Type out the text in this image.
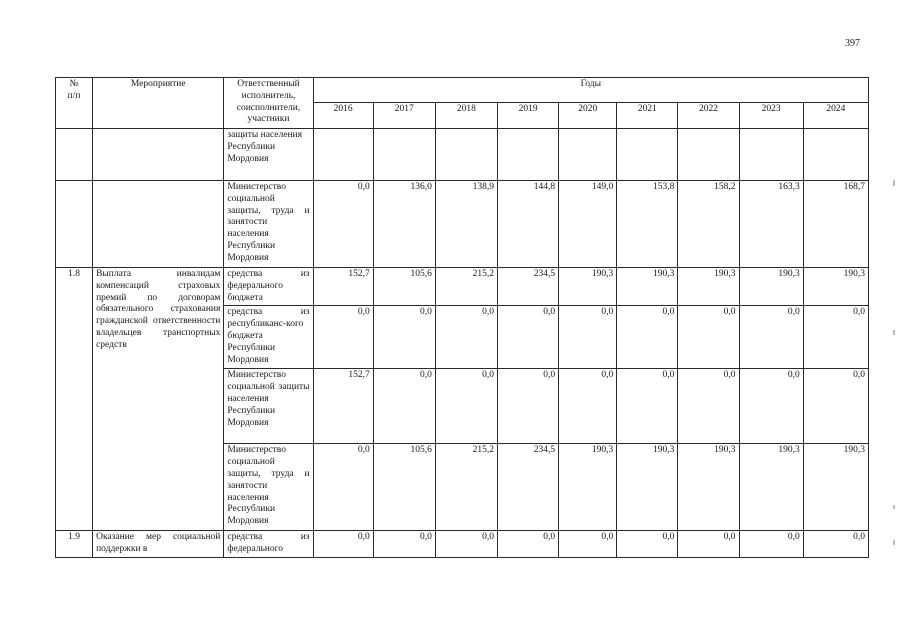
397
№
п/п	Мероприятие	Ответственный исполнитель, соисполнители, участники	Годы								
			2016	2017	2018	2019	2020	2021	2022	2023	2024
		защиты населения Республики Мордовия									
		Министерство социальной защиты, труда и занятости населения Республики Мордовия	0,0	136,0	138,9	144,8	149,0	153,8	158,2	163,3	168,7
1.8	Выплата инвалидам компенсаций страховых премий по договорам обязательного страхования гражданской ответственности владельцев транспортных средств	средства из федерального бюджета	152,7	105,6	215,2	234,5	190,3	190,3	190,3	190,3	190,3
		средства из республиканс-кого бюджета Республики Мордовия	0,0	0,0	0,0	0,0	0,0	0,0	0,0	0,0	0,0
		Министерство социальной защиты населения Республики Мордовия	152,7	0,0	0,0	0,0	0,0	0,0	0,0	0,0	0,0
		Министерство социальной защиты, труда и занятости населения Республики Мордовия	0,0	105,6	215,2	234,5	190,3	190,3	190,3	190,3	190,3
1.9	Оказание мер социальной поддержки в	средства из федерального	0,0	0,0	0,0	0,0	0,0	0,0	0,0	0,0	0,0
